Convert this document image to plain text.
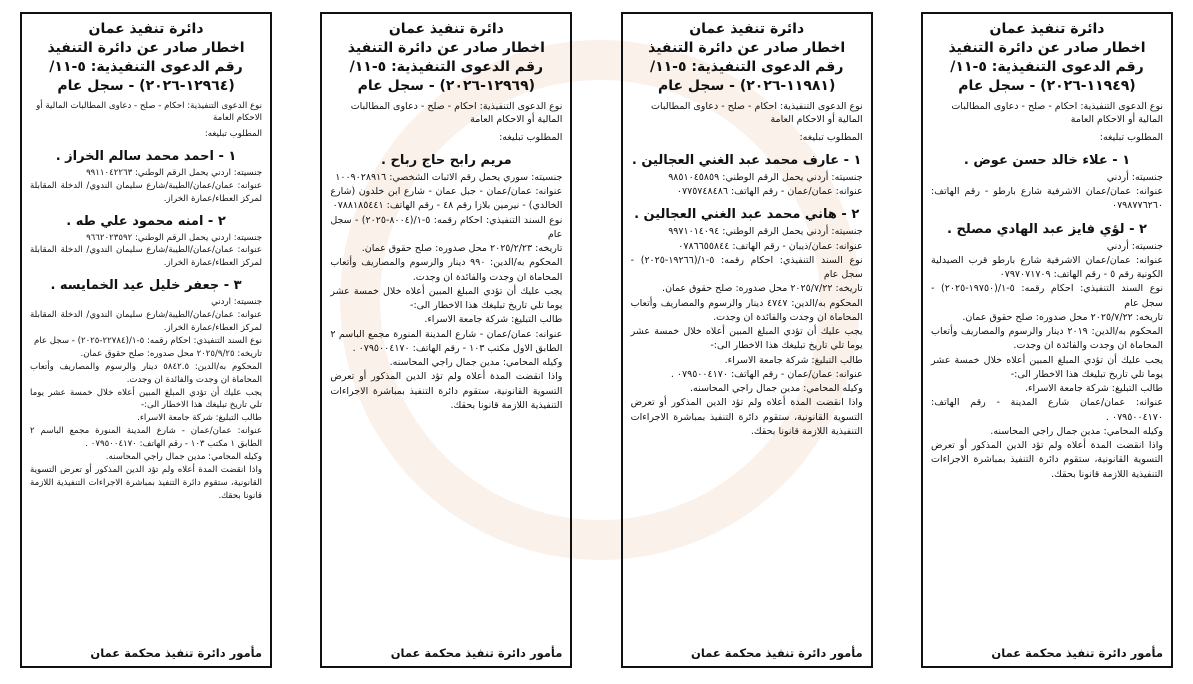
دائرة تنفيذ عمان
اخطار صادر عن دائرة التنفيذ
رقم الدعوى التنفيذية: ٥-١١/
(١١٩٤٩-٢٠٢٦) - سجل عام
نوع الدعوى التنفيذية: احكام - صلح - دعاوى المطالبات المالية أو الاحكام العامة
المطلوب تبليغه:
١ - علاء خالد حسن عوض .
جنسيته: أردني
عنوانه: عمان/عمان الاشرفية شارع بارطو - رقم الهاتف: ٠٧٩٨٧٧٦٢٦٠
٢ - لؤي فايز عبد الهادي مصلح .
جنسيته: أردني
عنوانه: عمان/عمان الاشرفية شارع بارطو قرب الصيدلية الكونية رقم ٥ - رقم الهاتف: ٠٧٩٧٠٧١٧٠٩
نوع السند التنفيذي: احكام رقمه: ٥-١/(١٩٧٥٠-٢٠٢٥) - سجل عام
تاريخه: ٢٠٢٥/٧/٢٢ محل صدوره: صلح حقوق عمان.
المحكوم به/الدين: ٢٠١٩ دينار والرسوم والمصاريف وأتعاب المحاماة ان وجدت والفائدة ان وجدت.
يجب عليك أن تؤدي المبلغ المبين أعلاه خلال خمسة عشر يوما تلي تاريخ تبليغك هذا الاخطار الى:-
طالب التبليغ: شركة جامعة الاسراء.
عنوانه: عمان/عمان شارع المدينة - رقم الهاتف: ٠٧٩٥٠٠٤١٧٠ .
وكيله المحامي: مدين جمال راجي المحاسنه.
واذا انقضت المدة أعلاه ولم تؤد الدين المذكور أو تعرض التسوية القانونية، ستقوم دائرة التنفيذ بمباشرة الاجراءات التنفيذية اللازمة قانونا بحقك.
مأمور دائرة تنفيذ محكمة عمان
دائرة تنفيذ عمان
اخطار صادر عن دائرة التنفيذ
رقم الدعوى التنفيذية: ٥-١١/
(١١٩٨١-٢٠٢٦) - سجل عام
نوع الدعوى التنفيذية: احكام - صلح - دعاوى المطالبات المالية أو الاحكام العامة
المطلوب تبليغه:
١ - عارف محمد عبد الغني العجالين .
جنسيته: أردني يحمل الرقم الوطني: ٩٨٥١٠٤٥٨٥٩
عنوانه: عمان/عمان - رقم الهاتف: ٠٧٧٥٧٤٨٤٨٦
٢ - هاني محمد عبد الغني العجالين .
جنسيته: أردني يحمل الرقم الوطني: ٩٩٧١٠١٤٠٩٤
عنوانه: عمان/ذيبان - رقم الهاتف: ٠٧٨٦٦٥٥٨٤٤
نوع السند التنفيذي: احكام رقمه: ٥-١/(١٩٢٦٦-٢٠٢٥) - سجل عام
تاريخه: ٢٠٢٥/٧/٢٢ محل صدوره: صلح حقوق عمان.
المحكوم به/الدين: ٤٧٤٧ دينار والرسوم والمصاريف وأتعاب المحاماة ان وجدت والفائدة ان وجدت.
يجب عليك أن تؤدي المبلغ المبين أعلاه خلال خمسة عشر يوما تلي تاريخ تبليغك هذا الاخطار الى:-
طالب التبليغ: شركة جامعة الاسراء.
عنوانه: عمان/عمان - رقم الهاتف: ٠٧٩٥٠٠٤١٧٠ .
وكيله المحامي: مدين جمال راجي المحاسنه.
واذا انقضت المدة أعلاه ولم تؤد الدين المذكور أو تعرض التسوية القانونية، ستقوم دائرة التنفيذ بمباشرة الاجراءات التنفيذية اللازمة قانونا بحقك.
مأمور دائرة تنفيذ محكمة عمان
دائرة تنفيذ عمان
اخطار صادر عن دائرة التنفيذ
رقم الدعوى التنفيذية: ٥-١١/
(١٢٩٦٩-٢٠٢٦) - سجل عام
نوع الدعوى التنفيذية: احكام - صلح - دعاوى المطالبات المالية أو الاحكام العامة
المطلوب تبليغه:
مريم رابح حاج رباح .
جنسيته: سوري يحمل رقم الاثبات الشخصي: ١٠٠٩٠٢٨٩١٦
عنوانه: عمان/عمان - جبل عمان - شارع ابن خلدون (شارع الخالدي) - نيرمين بلازا رقم ٤٨ - رقم الهاتف: ٠٧٨٨١٨٥٤٤١
نوع السند التنفيذي: احكام رقمه: ٥-١/(٨٠٠٤-٢٠٢٥) - سجل عام
تاريخه: ٢٠٢٥/٢/٢٣ محل صدوره: صلح حقوق عمان.
المحكوم به/الدين: ٩٩٠ دينار والرسوم والمصاريف وأتعاب المحاماة ان وجدت والفائدة ان وجدت.
يجب عليك أن تؤدي المبلغ المبين أعلاه خلال خمسة عشر يوما تلي تاريخ تبليغك هذا الاخطار الى:-
طالب التبليغ: شركة جامعة الاسراء.
عنوانه: عمان/عمان - شارع المدينة المنورة مجمع الباسم ٢ الطابق الاول مكتب ١٠٣ - رقم الهاتف: ٠٧٩٥٠٠٤١٧٠ .
وكيله المحامي: مدين جمال راجي المحاسنه.
واذا انقضت المدة أعلاه ولم تؤد الدين المذكور أو تعرض التسوية القانونية، ستقوم دائرة التنفيذ بمباشرة الاجراءات التنفيذية اللازمة قانونا بحقك.
مأمور دائرة تنفيذ محكمة عمان
دائرة تنفيذ عمان
اخطار صادر عن دائرة التنفيذ
رقم الدعوى التنفيذية: ٥-١١/
(١٢٩٦٤-٢٠٢٦) - سجل عام
نوع الدعوى التنفيذية: احكام - صلح - دعاوى المطالبات المالية أو الاحكام العامة
المطلوب تبليغه:
١ - احمد محمد سالم الخراز .
جنسيته: اردني يحمل الرقم الوطني: ٩٩١١٠٤٢٢٦٣
عنوانه: عمان/عمان/الطيبة/شارع سليمان الندوي/ الدخلة المقابلة لمركز العطاء/عمارة الخراز.
٢ - امنه محمود علي طه .
جنسيته: اردني يحمل الرقم الوطني: ٩٦٦٢٠٢٣٥٩٢
عنوانه: عمان/عمان/الطيبة/شارع سليمان الندوي/ الدخلة المقابلة لمركز العطاء/عمارة الخراز.
٣ - جعفر خليل عيد الخمايسه .
جنسيته: اردني
عنوانه: عمان/عمان/الطيبة/شارع سليمان الندوي/ الدخلة المقابلة لمركز العطاء/عمارة الخراز.
نوع السند التنفيذي: احكام رقمه: ٥-١/(٢٢٧٨٤-٢٠٢٥) - سجل عام
تاريخه: ٢٠٢٥/٩/٢٥ محل صدوره: صلح حقوق عمان.
المحكوم به/الدين: ٥٨٤٢.٥ دينار والرسوم والمصاريف وأتعاب المحاماة ان وجدت والفائدة ان وجدت.
يجب عليك أن تؤدي المبلغ المبين أعلاه خلال خمسة عشر يوما تلي تاريخ تبليغك هذا الاخطار الى:-
طالب التبليغ: شركة جامعة الاسراء.
عنوانه: عمان/عمان - شارع المدينة المنورة مجمع الباسم ٢ الطابق ١ مكتب ١٠٣ - رقم الهاتف: ٠٧٩٥٠٠٤١٧٠ .
وكيله المحامي: مدين جمال راجي المحاسنه.
واذا انقضت المدة أعلاه ولم تؤد الدين المذكور أو تعرض التسوية القانونية، ستقوم دائرة التنفيذ بمباشرة الاجراءات التنفيذية اللازمة قانونا بحقك.
مأمور دائرة تنفيذ محكمة عمان
